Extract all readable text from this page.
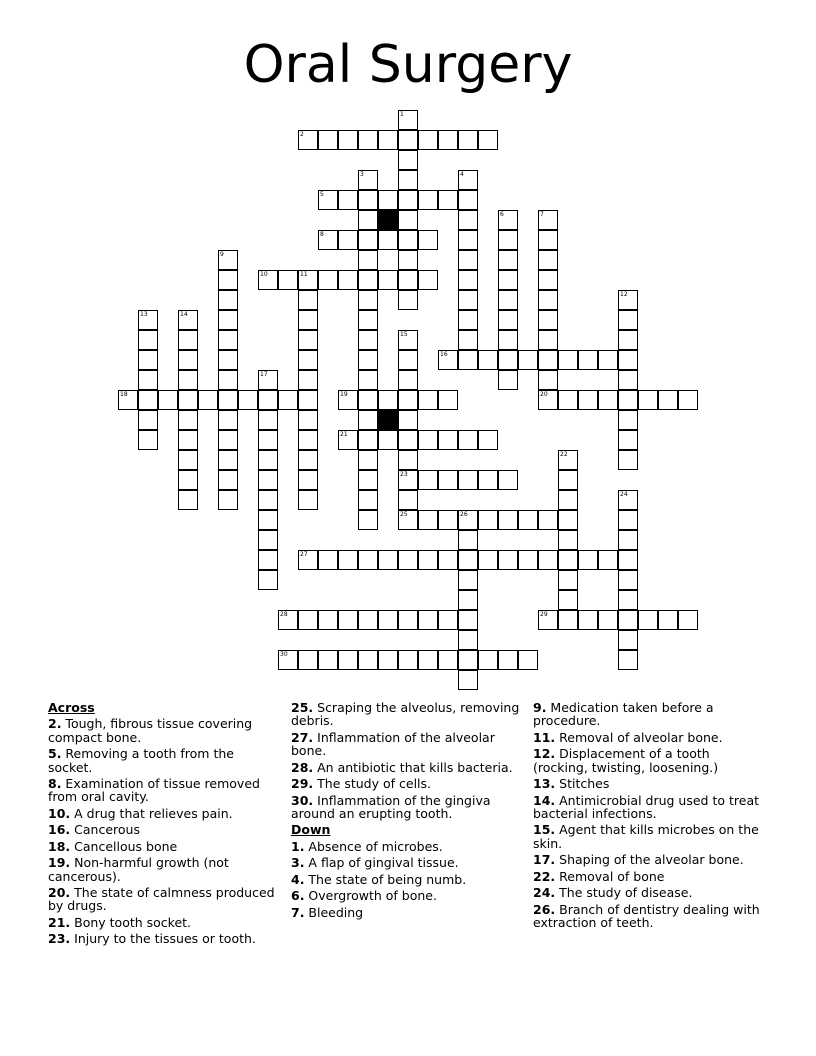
Oral Surgery
1
2
3	4
5
6	7
20
8
9
10	11
12
13	14
15
23
25
16
17
18	19
21
22
24
26
27
28	29
30
Across
2. Tough, fibrous tissue covering compact bone.
5. Removing a tooth from the socket.
8. Examination of tissue removed from oral cavity.
10. A drug that relieves pain.
16. Cancerous
18. Cancellous bone
19. Non-harmful growth (not cancerous).
20. The state of calmness produced by drugs.
21. Bony tooth socket.
23. Injury to the tissues or tooth.
25. Scraping the alveolus, removing debris.
27. Inflammation of the alveolar bone.
28. An antibiotic that kills bacteria.
29. The study of cells.
30. Inflammation of the gingiva around an erupting tooth.
Down
1. Absence of microbes.
3. A flap of gingival tissue.
4. The state of being numb.
6. Overgrowth of bone.
7. Bleeding
9. Medication taken before a procedure.
11. Removal of alveolar bone.
12. Displacement of a tooth (rocking, twisting, loosening.)
13. Stitches
14. Antimicrobial drug used to treat bacterial infections.
15. Agent that kills microbes on the skin.
17. Shaping of the alveolar bone.
22. Removal of bone
24. The study of disease.
26. Branch of dentistry dealing with extraction of teeth.
